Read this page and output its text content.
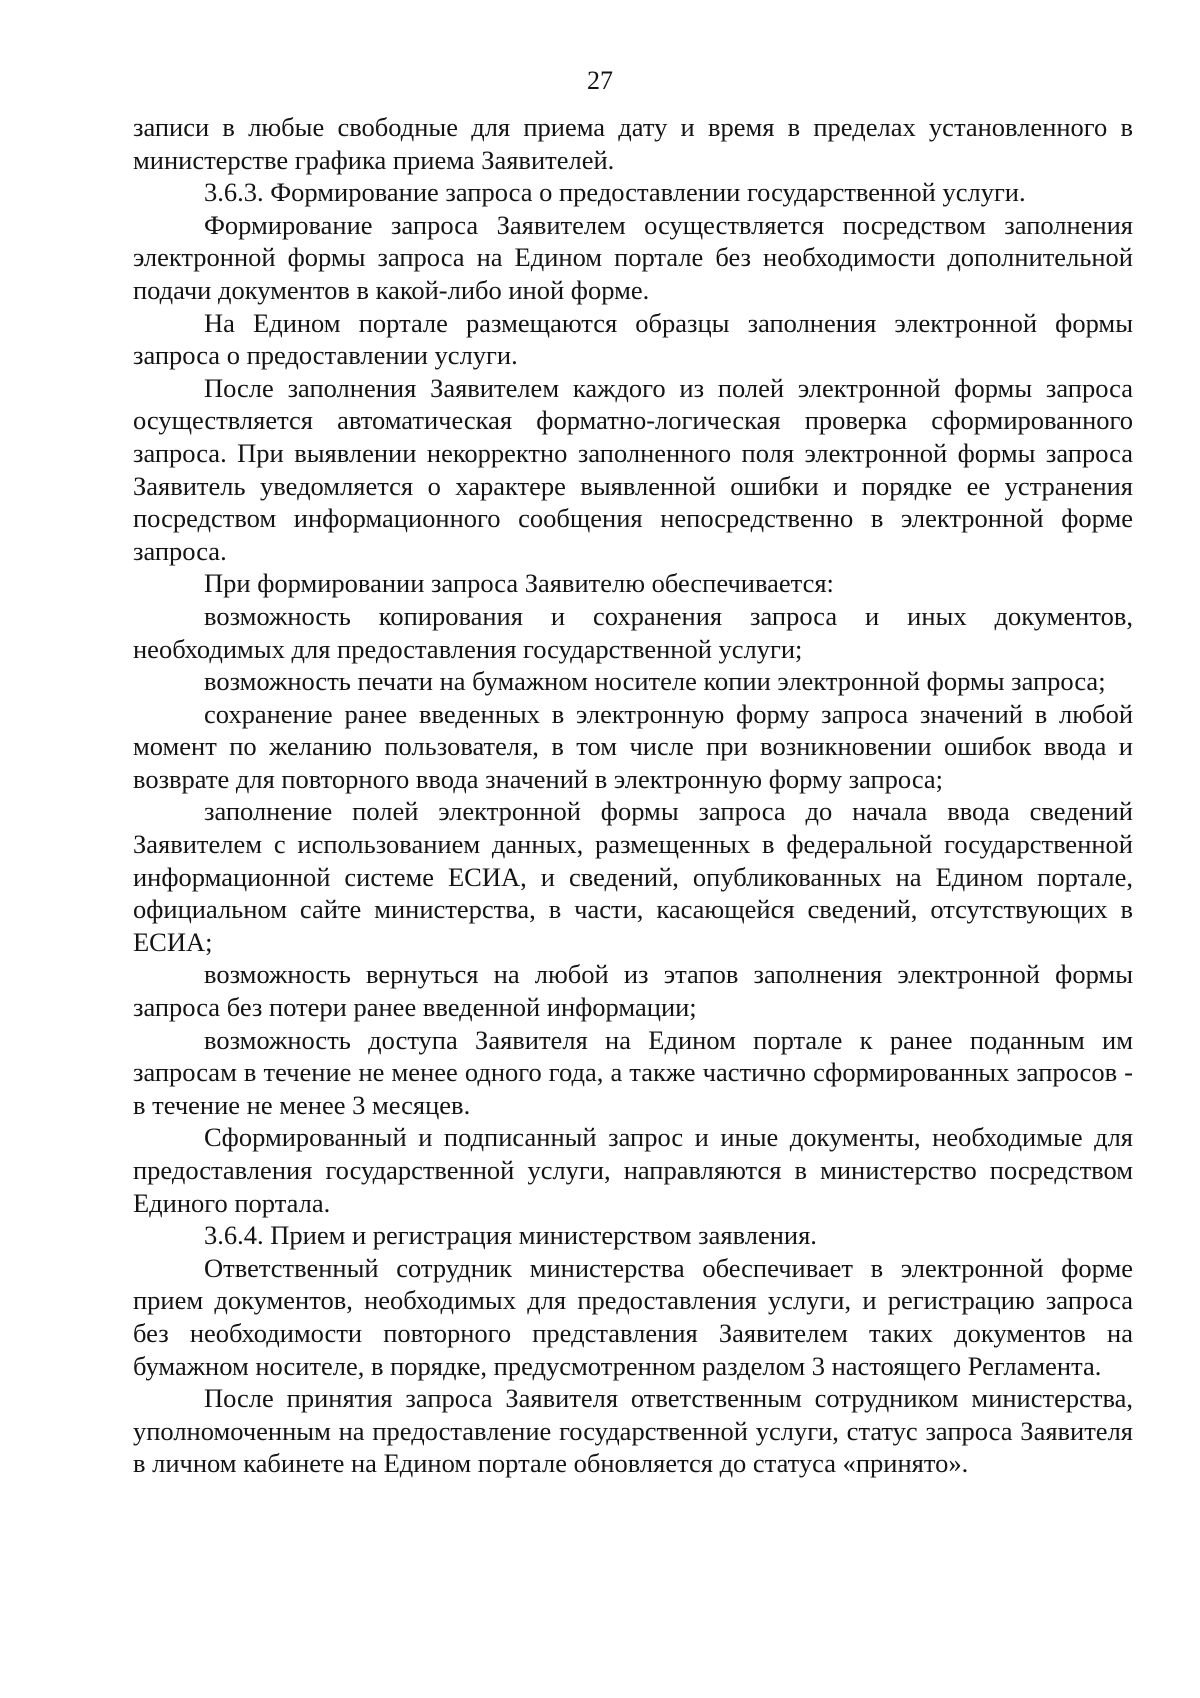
27

записи в любые свободные для приема дату и время в пределах установленного в министерстве графика приема Заявителей.

3.6.3. Формирование запроса о предоставлении государственной услуги.

Формирование запроса Заявителем осуществляется посредством заполнения электронной формы запроса на Едином портале без необходимости дополнительной подачи документов в какой-либо иной форме.

На Едином портале размещаются образцы заполнения электронной формы запроса о предоставлении услуги.

После заполнения Заявителем каждого из полей электронной формы запроса осуществляется автоматическая форматно-логическая проверка сформированного запроса. При выявлении некорректно заполненного поля электронной формы запроса Заявитель уведомляется о характере выявленной ошибки и порядке ее устранения посредством информационного сообщения непосредственно в электронной форме запроса.

При формировании запроса Заявителю обеспечивается:

возможность копирования и сохранения запроса и иных документов, необходимых для предоставления государственной услуги;

возможность печати на бумажном носителе копии электронной формы запроса;

сохранение ранее введенных в электронную форму запроса значений в любой момент по желанию пользователя, в том числе при возникновении ошибок ввода и возврате для повторного ввода значений в электронную форму запроса;

заполнение полей электронной формы запроса до начала ввода сведений Заявителем с использованием данных, размещенных в федеральной государственной информационной системе ЕСИА, и сведений, опубликованных на Едином портале, официальном сайте министерства, в части, касающейся сведений, отсутствующих в ЕСИА;

возможность вернуться на любой из этапов заполнения электронной формы запроса без потери ранее введенной информации;

возможность доступа Заявителя на Едином портале к ранее поданным им запросам в течение не менее одного года, а также частично сформированных запросов - в течение не менее 3 месяцев.

Сформированный и подписанный запрос и иные документы, необходимые для предоставления государственной услуги, направляются в министерство посредством Единого портала.

3.6.4. Прием и регистрация министерством заявления.

Ответственный сотрудник министерства обеспечивает в электронной форме прием документов, необходимых для предоставления услуги, и регистрацию запроса без необходимости повторного представления Заявителем таких документов на бумажном носителе, в порядке, предусмотренном разделом 3 настоящего Регламента.

После принятия запроса Заявителя ответственным сотрудником министерства, уполномоченным на предоставление государственной услуги, статус запроса Заявителя в личном кабинете на Едином портале обновляется до статуса «принято».
